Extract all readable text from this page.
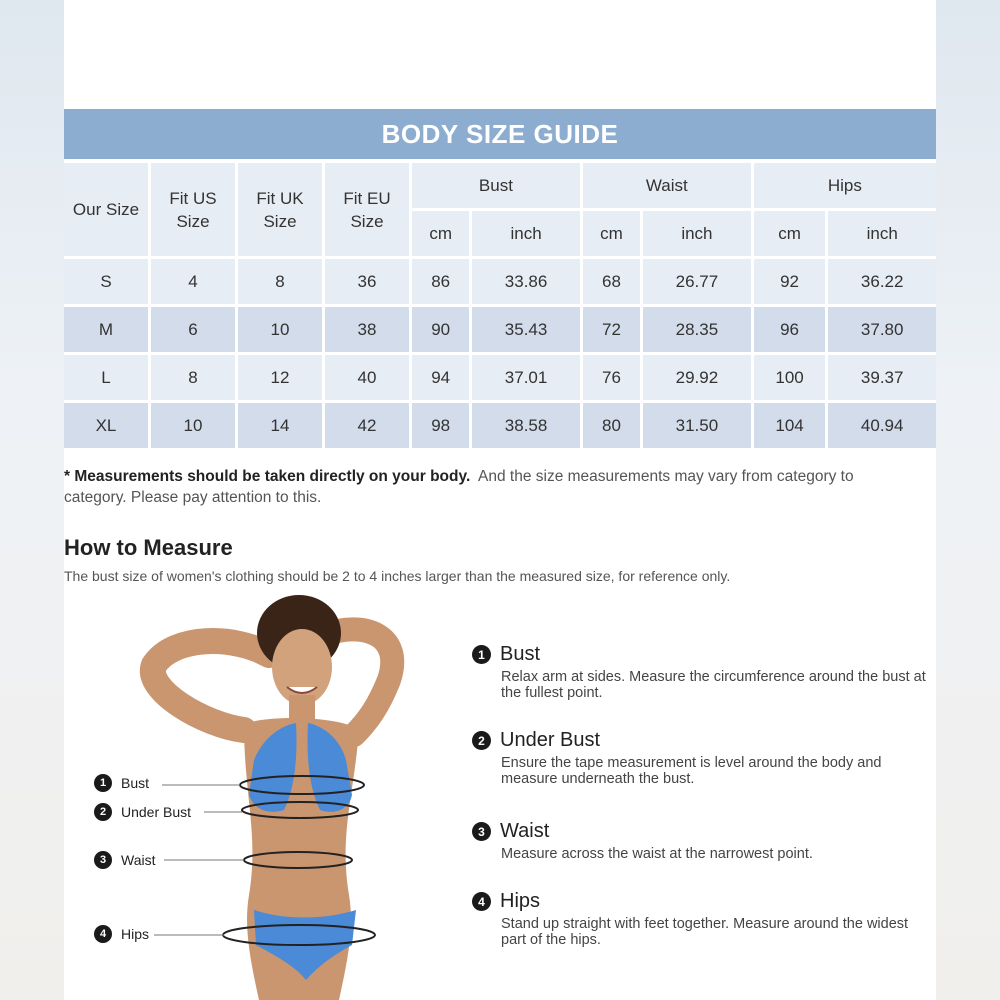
BODY SIZE GUIDE
Our Size	Fit US Size	Fit UK Size	Fit EU Size	Bust		Waist		Hips	
				cm	inch	cm	inch	cm	inch
S	4	8	36	86	33.86	68	26.77	92	36.22
M	6	10	38	90	35.43	72	28.35	96	37.80
L	8	12	40	94	37.01	76	29.92	100	39.37
XL	10	14	42	98	38.58	80	31.50	104	40.94
* Measurements should be taken directly on your body. And the size measurements may vary from category to category. Please pay attention to this.
How to Measure
The bust size of women's clothing should be 2 to 4 inches larger than the measured size, for reference only.
1	Bust
2	Under Bust
3	Waist
4	Hips
1 Bust
Relax arm at sides. Measure the circumference around the bust at the fullest point.
2 Under Bust
Ensure the tape measurement is level around the body and measure underneath the bust.
3 Waist
Measure across the waist at the narrowest point.
4 Hips
Stand up straight with feet together. Measure around the widest part of the hips.
